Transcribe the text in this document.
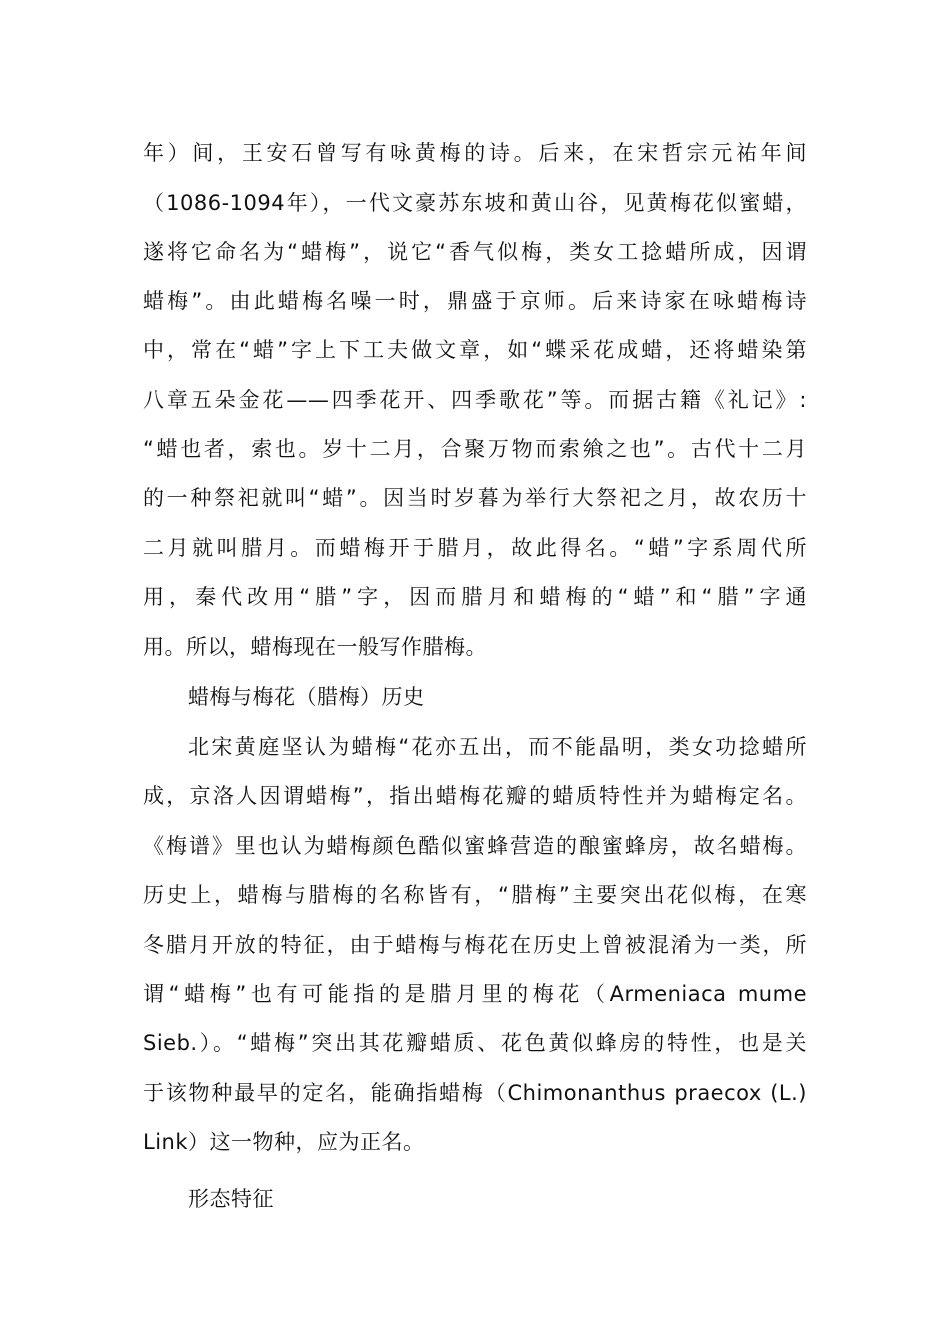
年）间，王安石曾写有咏黄梅的诗。后来，在宋哲宗元祐年间
（1086-1094年），一代文豪苏东坡和黄山谷，见黄梅花似蜜蜡，
遂将它命名为“蜡梅”，说它“香气似梅，类女工捻蜡所成，因谓
蜡梅”。由此蜡梅名噪一时，鼎盛于京师。后来诗家在咏蜡梅诗
中，常在“蜡”字上下工夫做文章，如“蝶采花成蜡，还将蜡染第
八章五朵金花——四季花开、四季歌花”等。而据古籍《礼记》:
“蜡也者，索也。岁十二月，合聚万物而索飨之也”。古代十二月
的一种祭祀就叫“蜡”。因当时岁暮为举行大祭祀之月，故农历十
二月就叫腊月。而蜡梅开于腊月，故此得名。“蜡”字系周代所
用，秦代改用“腊”字，因而腊月和蜡梅的“蜡”和“腊”字通
用。所以，蜡梅现在一般写作腊梅。
蜡梅与梅花（腊梅）历史
北宋黄庭坚认为蜡梅“花亦五出，而不能晶明，类女功捻蜡所
成，京洛人因谓蜡梅”，指出蜡梅花瓣的蜡质特性并为蜡梅定名。
《梅谱》里也认为蜡梅颜色酷似蜜蜂营造的酿蜜蜂房，故名蜡梅。
历史上，蜡梅与腊梅的名称皆有，“腊梅”主要突出花似梅，在寒
冬腊月开放的特征，由于蜡梅与梅花在历史上曾被混淆为一类，所
谓“蜡梅”也有可能指的是腊月里的梅花（Armeniaca mume
Sieb.）。“蜡梅”突出其花瓣蜡质、花色黄似蜂房的特性，也是关
于该物种最早的定名，能确指蜡梅（Chimonanthus praecox (L.)
Link）这一物种，应为正名。
形态特征
